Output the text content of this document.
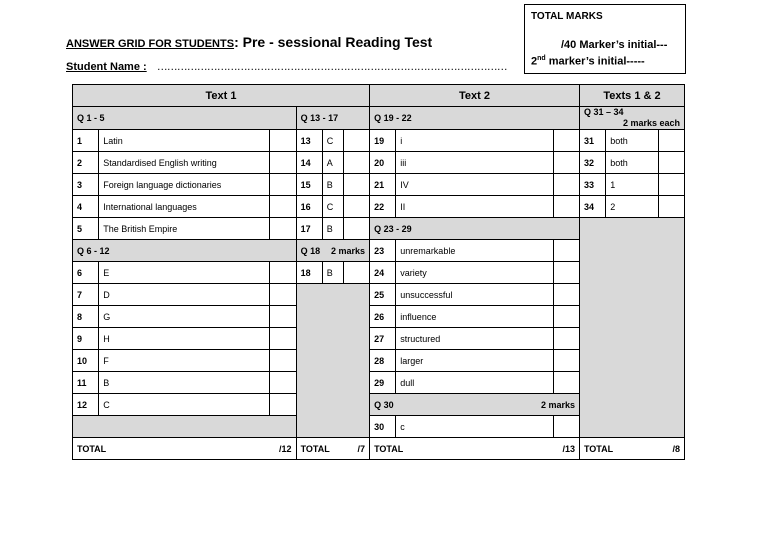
TOTAL MARKS
/40 Marker’s initial---
2nd marker’s initial-----
ANSWER GRID FOR STUDENTS: Pre - sessional Reading Test
Student Name : ……………………………………………………………………………………………
Text 1						Text 2			Texts 1 & 2		
Q 1 - 5			Q 13 - 17			Q 19 - 22			Q 31 – 34
2 marks each		

1	Latin		13	C		19	i		31	both	
2	Standardised English writing		14	A		20	iii		32	both	
3	Foreign language dictionaries		15	B		21	IV		33	1	
4	International languages		16	C		22	II		34	2	
5	The British Empire		17	B		Q 23 - 29					
Q 6 - 12			Q 18 2 marks			23	unremarkable				
6	E		18	B		24	variety				
7	D					25	unsuccessful				
8	G					26	influence				
9	H					27	structured				
10	F					28	larger				
11	B					29	dull				
12	C					Q 30 2 marks					

						30	c				
TOTAL /12			TOTAL /7			TOTAL /13			TOTAL /8		
